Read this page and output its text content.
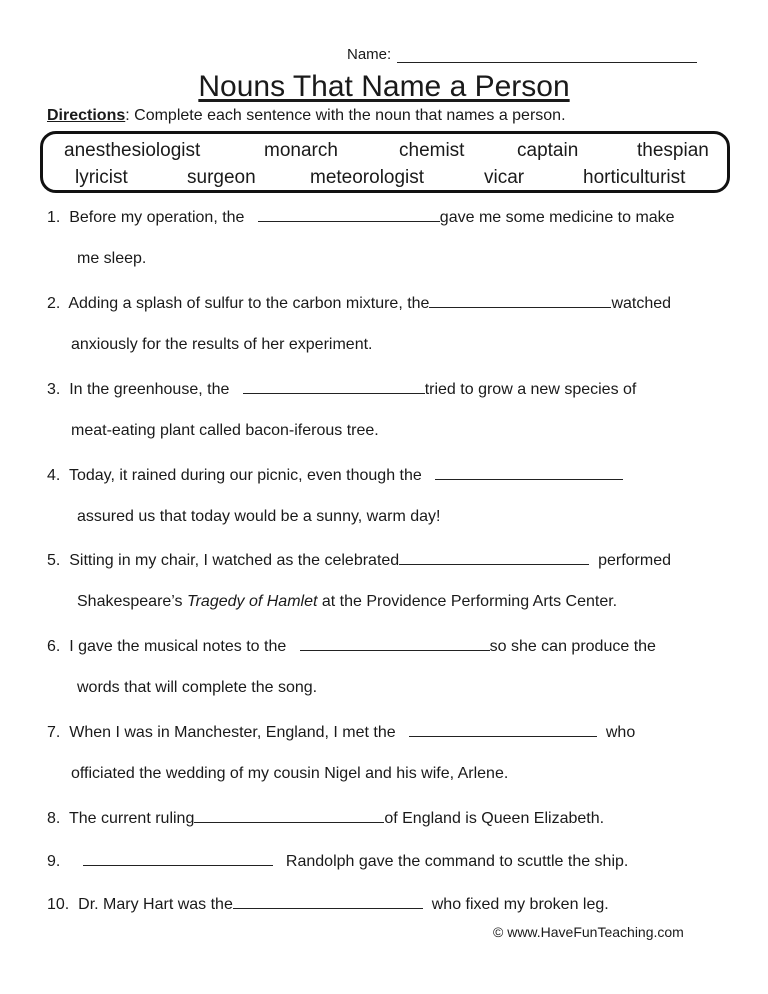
Name:
Nouns That Name a Person
Directions: Complete each sentence with the noun that names a person.
anesthesiologist	monarch	chemist	captain	thespian
lyricist	surgeon	meteorologist	vicar	horticulturist
1. Before my operation, the	gave me some medicine to make
me sleep.
2. Adding a splash of sulfur to the carbon mixture, the	watched
anxiously for the results of her experiment.
3. In the greenhouse, the	tried to grow a new species of
meat-eating plant called bacon-iferous tree.
4. Today, it rained during our picnic, even though the
assured us that today would be a sunny, warm day!
5. Sitting in my chair, I watched as the celebrated	performed
Shakespeare’s Tragedy of Hamlet at the Providence Performing Arts Center.
6. I gave the musical notes to the	so she can produce the
words that will complete the song.
7. When I was in Manchester, England, I met the	who
officiated the wedding of my cousin Nigel and his wife, Arlene.
8. The current ruling	of England is Queen Elizabeth.
9.	Randolph gave the command to scuttle the ship.
10. Dr. Mary Hart was the	who fixed my broken leg.
© www.HaveFunTeaching.com
